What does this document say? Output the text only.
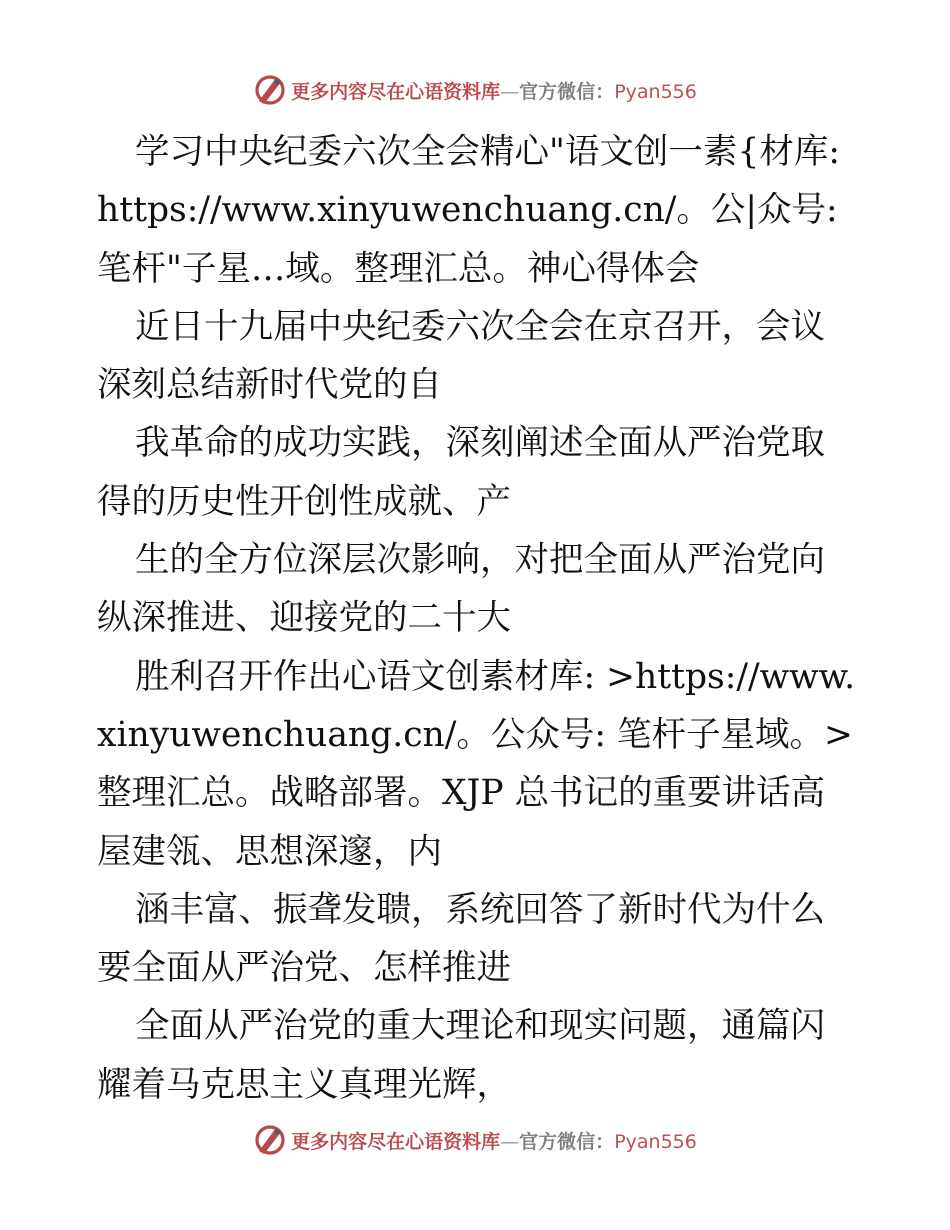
更多内容尽在心语资料库—官方微信：Pyan556

学习中央纪委六次全会精心"语文创一素{材库: https://www.xinyuwenchuang.cn/。公|众号: 笔杆"子星…域。整理汇总。神心得体会

近日十九届中央纪委六次全会在京召开，会议深刻总结新时代党的自

我革命的成功实践，深刻阐述全面从严治党取得的历史性开创性成就、产

生的全方位深层次影响，对把全面从严治党向纵深推进、迎接党的二十大

胜利召开作出心语文创素材库: >https://www.xinyuwenchuang.cn/。公众号: 笔杆子星域。>整理汇总。战略部署。XJP 总书记的重要讲话高屋建瓴、思想深邃，内

涵丰富、振聋发聩，系统回答了新时代为什么要全面从严治党、怎样推进

全面从严治党的重大理论和现实问题，通篇闪耀着马克思主义真理光辉，

更多内容尽在心语资料库—官方微信：Pyan556
